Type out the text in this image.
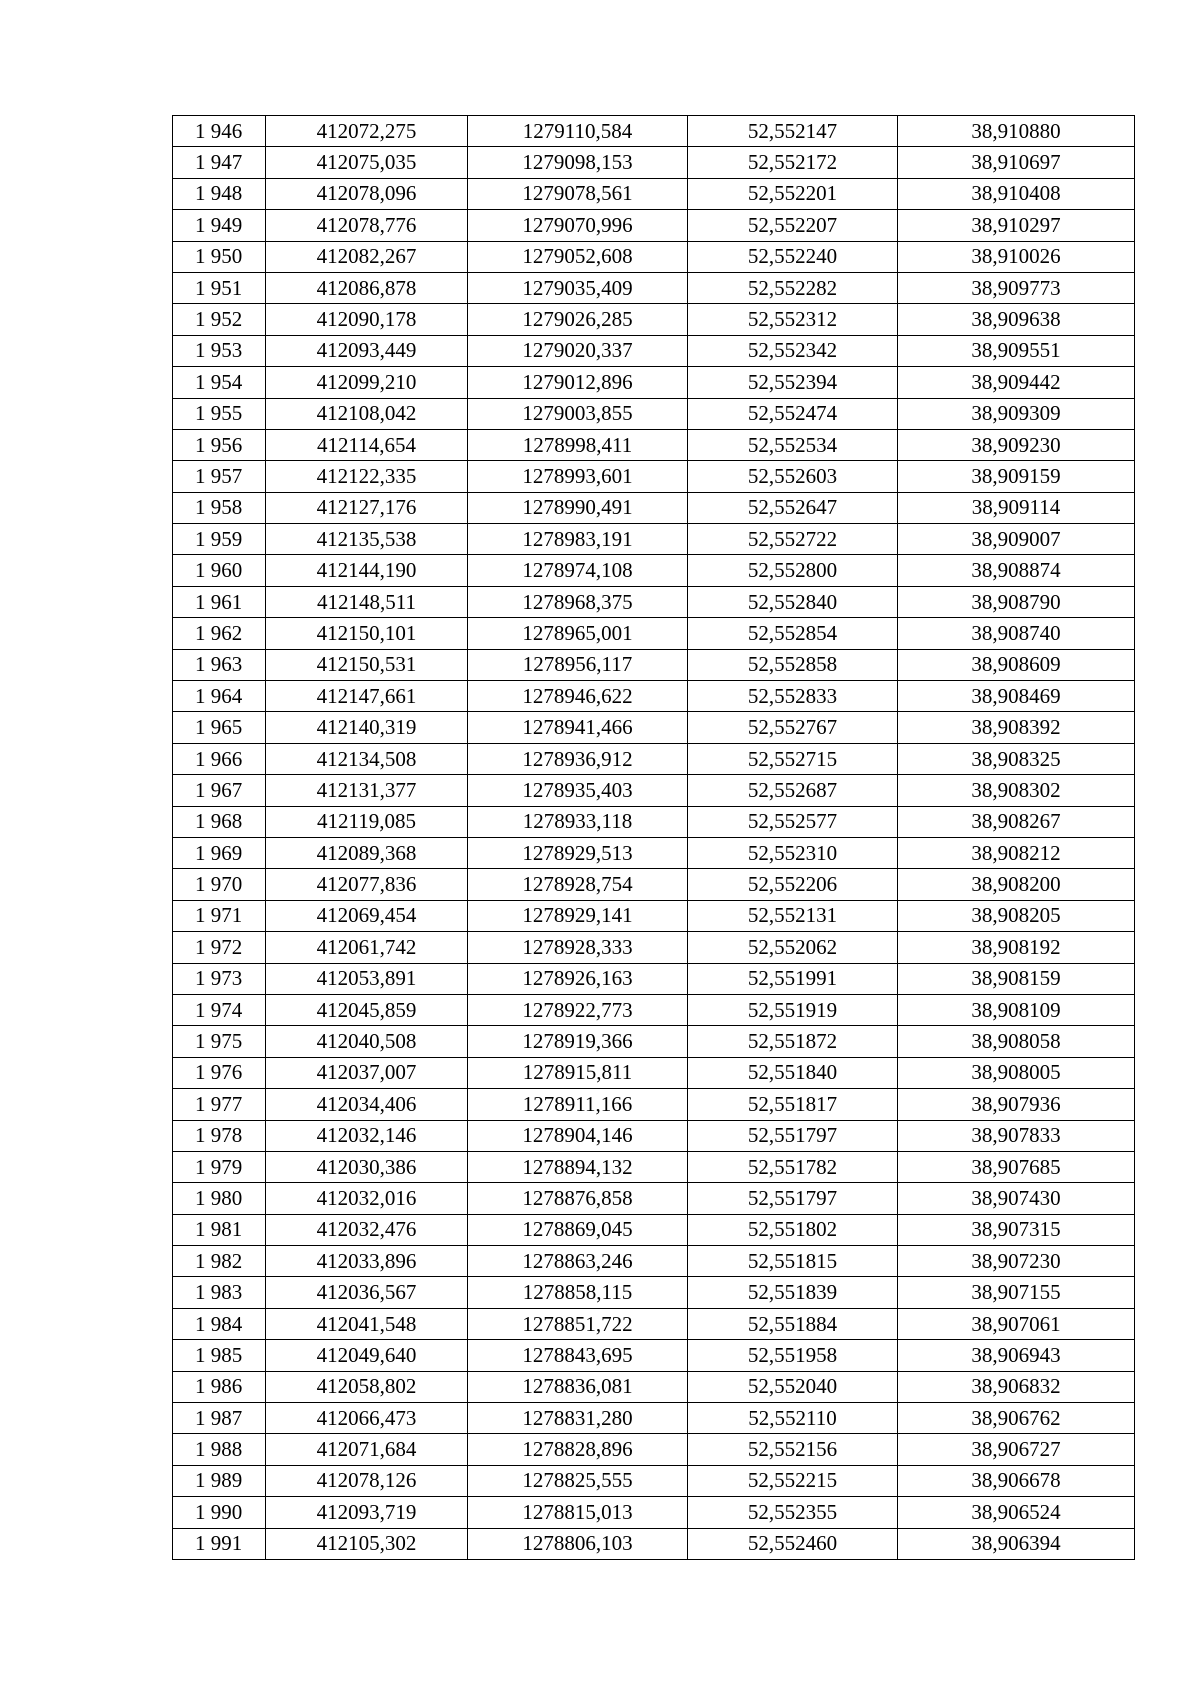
1 946	412072,275	1279110,584	52,552147	38,910880
1 947	412075,035	1279098,153	52,552172	38,910697
1 948	412078,096	1279078,561	52,552201	38,910408
1 949	412078,776	1279070,996	52,552207	38,910297
1 950	412082,267	1279052,608	52,552240	38,910026
1 951	412086,878	1279035,409	52,552282	38,909773
1 952	412090,178	1279026,285	52,552312	38,909638
1 953	412093,449	1279020,337	52,552342	38,909551
1 954	412099,210	1279012,896	52,552394	38,909442
1 955	412108,042	1279003,855	52,552474	38,909309
1 956	412114,654	1278998,411	52,552534	38,909230
1 957	412122,335	1278993,601	52,552603	38,909159
1 958	412127,176	1278990,491	52,552647	38,909114
1 959	412135,538	1278983,191	52,552722	38,909007
1 960	412144,190	1278974,108	52,552800	38,908874
1 961	412148,511	1278968,375	52,552840	38,908790
1 962	412150,101	1278965,001	52,552854	38,908740
1 963	412150,531	1278956,117	52,552858	38,908609
1 964	412147,661	1278946,622	52,552833	38,908469
1 965	412140,319	1278941,466	52,552767	38,908392
1 966	412134,508	1278936,912	52,552715	38,908325
1 967	412131,377	1278935,403	52,552687	38,908302
1 968	412119,085	1278933,118	52,552577	38,908267
1 969	412089,368	1278929,513	52,552310	38,908212
1 970	412077,836	1278928,754	52,552206	38,908200
1 971	412069,454	1278929,141	52,552131	38,908205
1 972	412061,742	1278928,333	52,552062	38,908192
1 973	412053,891	1278926,163	52,551991	38,908159
1 974	412045,859	1278922,773	52,551919	38,908109
1 975	412040,508	1278919,366	52,551872	38,908058
1 976	412037,007	1278915,811	52,551840	38,908005
1 977	412034,406	1278911,166	52,551817	38,907936
1 978	412032,146	1278904,146	52,551797	38,907833
1 979	412030,386	1278894,132	52,551782	38,907685
1 980	412032,016	1278876,858	52,551797	38,907430
1 981	412032,476	1278869,045	52,551802	38,907315
1 982	412033,896	1278863,246	52,551815	38,907230
1 983	412036,567	1278858,115	52,551839	38,907155
1 984	412041,548	1278851,722	52,551884	38,907061
1 985	412049,640	1278843,695	52,551958	38,906943
1 986	412058,802	1278836,081	52,552040	38,906832
1 987	412066,473	1278831,280	52,552110	38,906762
1 988	412071,684	1278828,896	52,552156	38,906727
1 989	412078,126	1278825,555	52,552215	38,906678
1 990	412093,719	1278815,013	52,552355	38,906524
1 991	412105,302	1278806,103	52,552460	38,906394
